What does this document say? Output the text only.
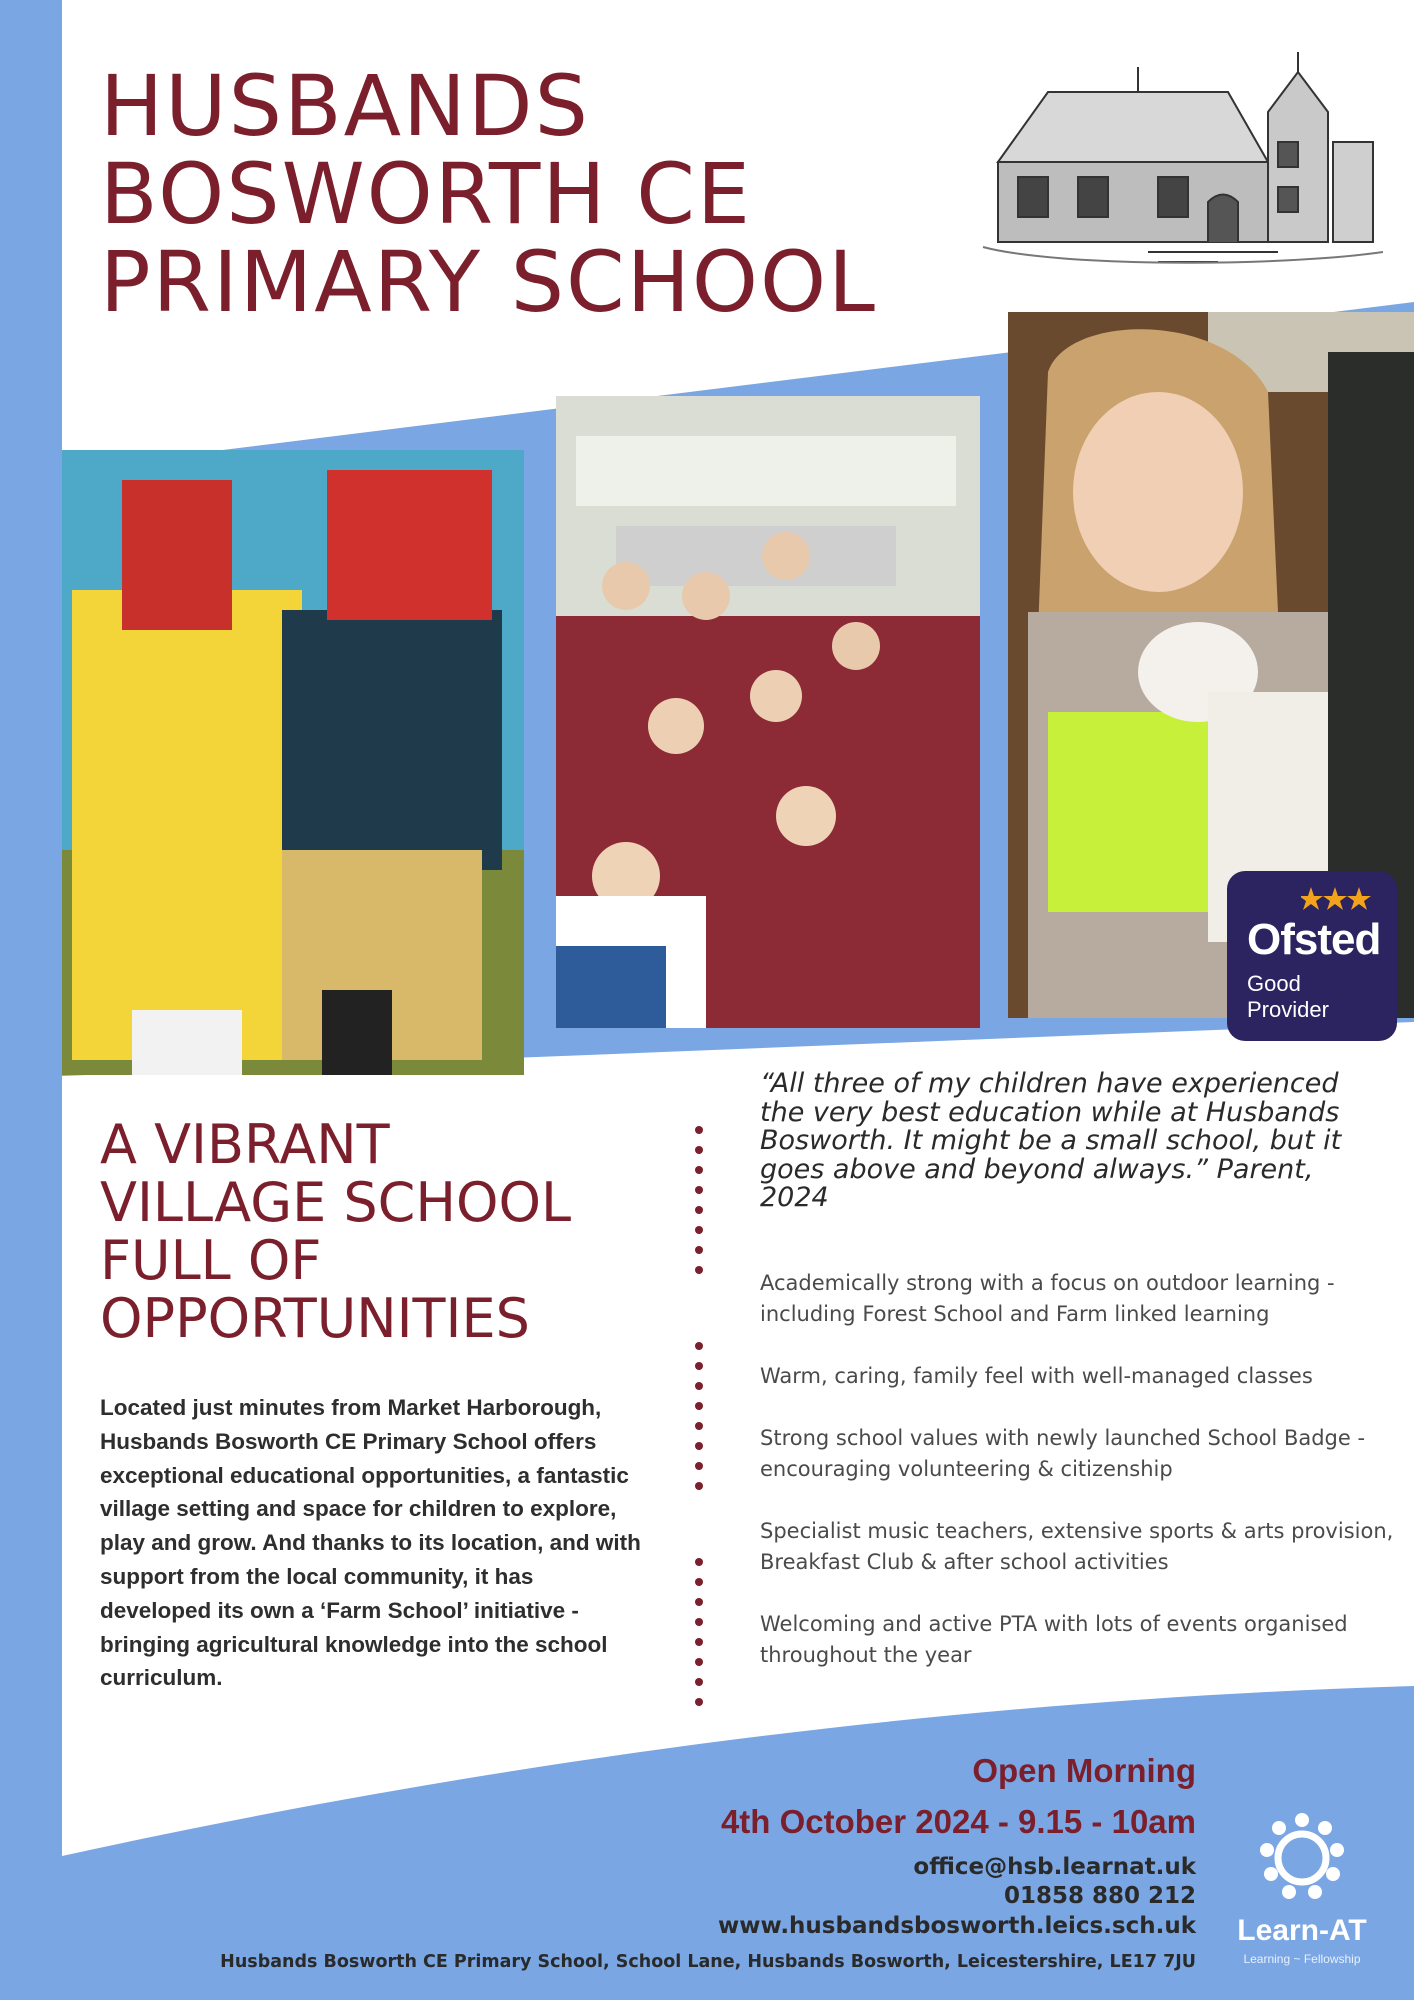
HUSBANDS
BOSWORTH CE
PRIMARY SCHOOL
Ofsted
Good
Provider
A VIBRANT
VILLAGE SCHOOL
FULL OF
OPPORTUNITIES

Located just minutes from Market Harborough, Husbands Bosworth CE Primary School offers exceptional educational opportunities, a fantastic village setting and space for children to explore, play and grow. And thanks to its location, and with support from the local community, it has developed its own a ‘Farm School’ initiative - bringing agricultural knowledge into the school curriculum.

“All three of my children have experienced the very best education while at Husbands Bosworth. It might be a small school, but it goes above and beyond always.” Parent, 2024

Academically strong with a focus on outdoor learning - including Forest School and Farm linked learning
Warm, caring, family feel with well-managed classes
Strong school values with newly launched School Badge - encouraging volunteering & citizenship
Specialist music teachers, extensive sports & arts provision, Breakfast Club & after school activities
Welcoming and active PTA with lots of events organised throughout the year
Open Morning
4th October 2024 - 9.15 - 10am
office@hsb.learnat.uk
01858 880 212
www.husbandsbosworth.leics.sch.uk
Husbands Bosworth CE Primary School, School Lane, Husbands Bosworth, Leicestershire, LE17 7JU
Learn-AT
Learning ~ Fellowship
